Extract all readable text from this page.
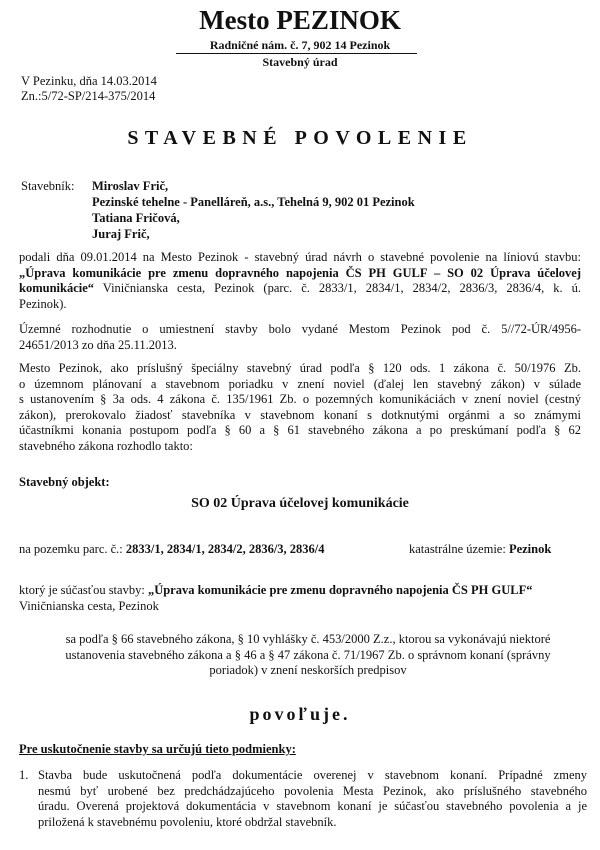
Mesto PEZINOK
Radničné nám. č. 7, 902 14 Pezinok
Stavebný úrad
V Pezinku, dňa 14.03.2014
Zn.:5/72-SP/214-375/2014
STAVEBNÉ POVOLENIE
Stavebník: Miroslav Frič,
Pezinské tehelne - Panelláreň, a.s., Tehelná 9, 902 01 Pezinok
Tatiana Fričová,
Juraj Frič,
podali dňa 09.01.2014 na Mesto Pezinok - stavebný úrad návrh o stavebné povolenie na líniovú stavbu:
„Úprava komunikácie pre zmenu dopravného napojenia ČS PH GULF – SO 02 Úprava účelovej
komunikácie“ Viničnianska cesta, Pezinok (parc. č. 2833/1, 2834/1, 2834/2, 2836/3, 2836/4, k. ú.
Pezinok).
Územné rozhodnutie o umiestnení stavby bolo vydané Mestom Pezinok pod č. 5//72-ÚR/4956-
24651/2013 zo dňa 25.11.2013.
Mesto Pezinok, ako príslušný špeciálny stavebný úrad podľa § 120 ods. 1 zákona č. 50/1976 Zb.
o územnom plánovaní a stavebnom poriadku v znení noviel (ďalej len stavebný zákon) v súlade
s ustanovením § 3a ods. 4 zákona č. 135/1961 Zb. o pozemných komunikáciách v znení noviel (cestný
zákon), prerokovalo žiadosť stavebníka v stavebnom konaní s dotknutými orgánmi a so známymi
účastníkmi konania postupom podľa § 60 a § 61 stavebného zákona a po preskúmaní podľa § 62
stavebného zákona rozhodlo takto:
Stavebný objekt:
SO 02 Úprava účelovej komunikácie
na pozemku parc. č.: 2833/1, 2834/1, 2834/2, 2836/3, 2836/4	katastrálne územie: Pezinok
ktorý je súčasťou stavby: „Úprava komunikácie pre zmenu dopravného napojenia ČS PH GULF“
Viničnianska cesta, Pezinok
sa podľa § 66 stavebného zákona, § 10 vyhlášky č. 453/2000 Z.z., ktorou sa vykonávajú niektoré
ustanovenia stavebného zákona a § 46 a § 47 zákona č. 71/1967 Zb. o správnom konaní (správny
poriadok) v znení neskorších predpisov
povoľuje.
Pre uskutočnenie stavby sa určujú tieto podmienky:
1. Stavba bude uskutočnená podľa dokumentácie overenej v stavebnom konaní. Prípadné zmeny
nesmú byť urobené bez predchádzajúceho povolenia Mesta Pezinok, ako príslušného stavebného
úradu. Overená projektová dokumentácia v stavebnom konaní je súčasťou stavebného povolenia a je
priložená k stavebnému povoleniu, ktoré obdržal stavebník.
